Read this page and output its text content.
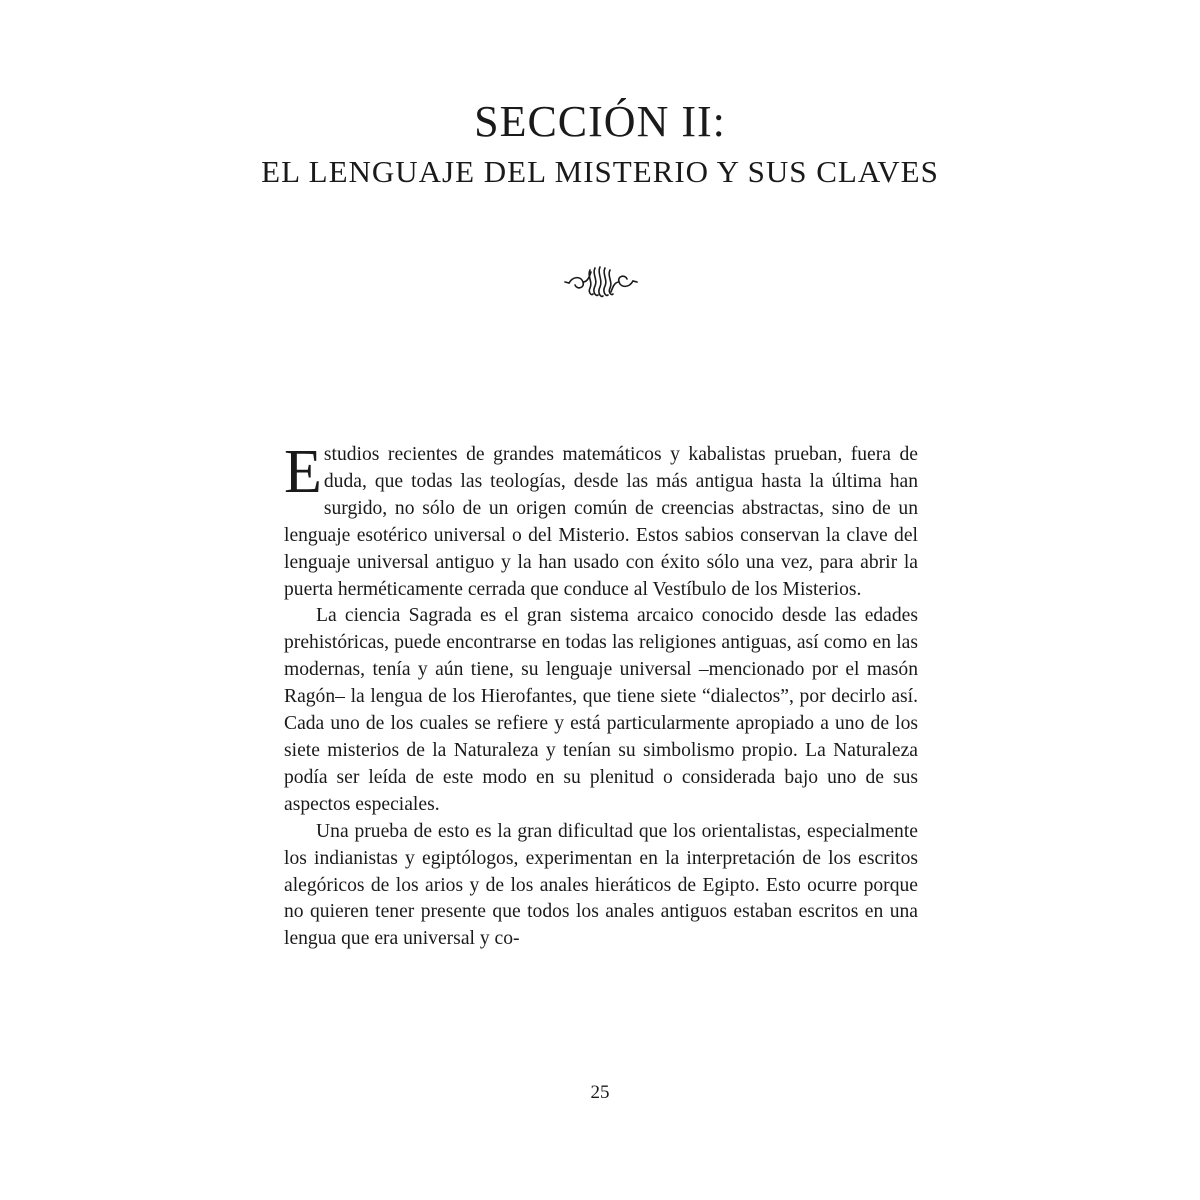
SECCIÓN II:
EL LENGUAJE DEL MISTERIO Y SUS CLAVES

Estudios recientes de grandes matemáticos y kabalistas prueban, fuera de duda, que todas las teologías, desde las más antigua hasta la última han surgido, no sólo de un origen común de creencias abstractas, sino de un lenguaje esotérico universal o del Misterio. Estos sabios conservan la clave del lenguaje universal antiguo y la han usado con éxito sólo una vez, para abrir la puerta herméticamente cerrada que conduce al Vestíbulo de los Misterios.

La ciencia Sagrada es el gran sistema arcaico conocido desde las edades prehistóricas, puede encontrarse en todas las religiones antiguas, así como en las modernas, tenía y aún tiene, su lenguaje universal –mencionado por el masón Ragón– la lengua de los Hierofantes, que tiene siete “dialectos”, por decirlo así. Cada uno de los cuales se refiere y está particularmente apropiado a uno de los siete misterios de la Naturaleza y tenían su simbolismo propio. La Naturaleza podía ser leída de este modo en su plenitud o considerada bajo uno de sus aspectos especiales.

Una prueba de esto es la gran dificultad que los orientalistas, especialmente los indianistas y egiptólogos, experimentan en la interpretación de los escritos alegóricos de los arios y de los anales hieráticos de Egipto. Esto ocurre porque no quieren tener presente que todos los anales antiguos estaban escritos en una lengua que era universal y co-

25
